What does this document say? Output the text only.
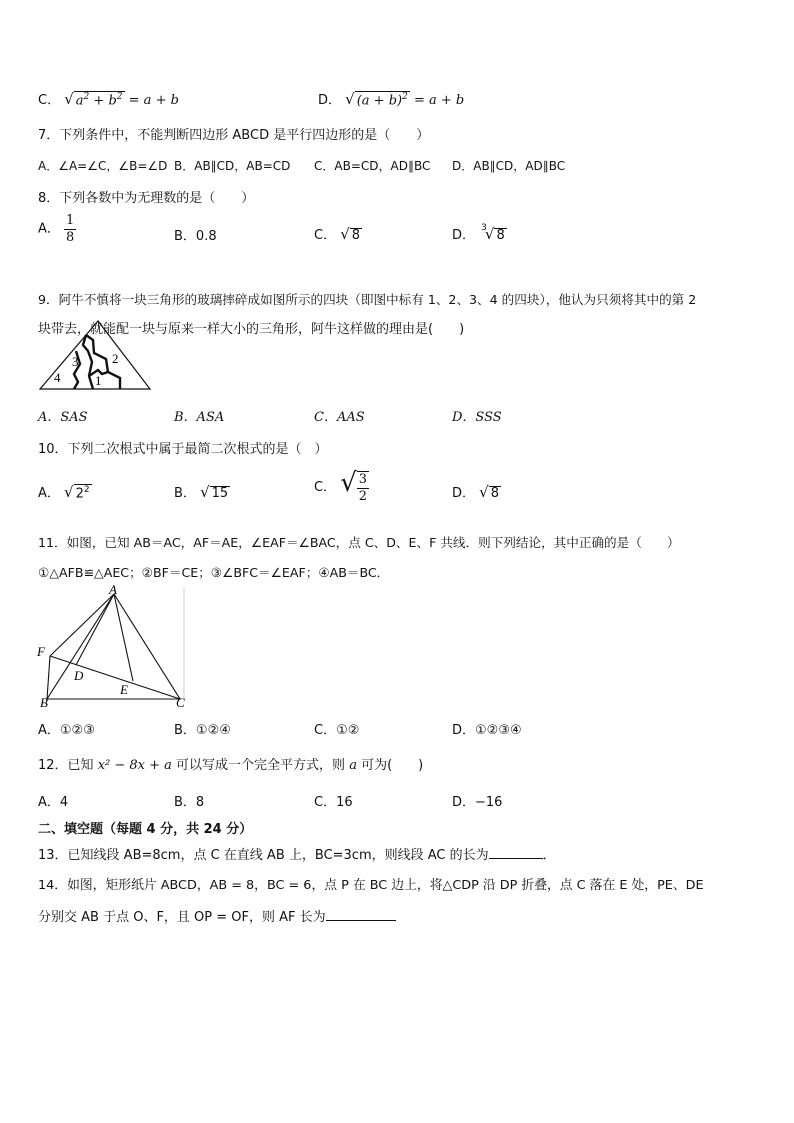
C． √ $a^2 + b^2 = a + b$	D． √ $(a + b)^2 = a + b$
7．下列条件中，不能判断四边形 ABCD 是平行四边形的是（　　）
A．∠A=∠C，∠B=∠D B．AB∥CD，AB=CD C．AB=CD，AD∥BC D．AB∥CD，AD∥BC
8．下列各数中为无理数的是（　　）
A． $\frac{1}{8}$	B．0.8	C． √ 8	D． $^3$√ 8
9．阿牛不慎将一块三角形的玻璃摔碎成如图所示的四块（即图中标有 1、2、3、4 的四块），他认为只须将其中的第 2
块带去，就能配一块与原来一样大小的三角形，阿牛这样做的理由是(　　)
2
3
4	1
A．SAS	B．ASA	C．AAS	D．SSS
10．下列二次根式中属于最简二次根式的是（　）
A． √ $2^2$	B． √ 15	C． √ $\frac{3}{2}$	D． √ 8
11．如图，已知 AB＝AC，AF＝AE，∠EAF＝∠BAC，点 C、D、E、F 共线．则下列结论，其中正确的是（　　）
①△AFB≌△AEC；②BF＝CE；③∠BFC＝∠EAF；④AB＝BC．
A
F
D
E
B	C
A．①②③	B．①②④	C．①②	D．①②③④
12．已知 x² − 8x + a 可以写成一个完全平方式，则 a 可为(　　)
A．4	B．8	C．16	D．−16
二、填空题（每题 4 分，共 24 分）
13．已知线段 AB=8cm，点 C 在直线 AB 上，BC=3cm，则线段 AC 的长为	．
14．如图，矩形纸片 ABCD，AB = 8，BC = 6，点 P 在 BC 边上，将△CDP 沿 DP 折叠，点 C 落在 E 处，PE、DE
分别交 AB 于点 O、F，且 OP = OF，则 AF 长为
